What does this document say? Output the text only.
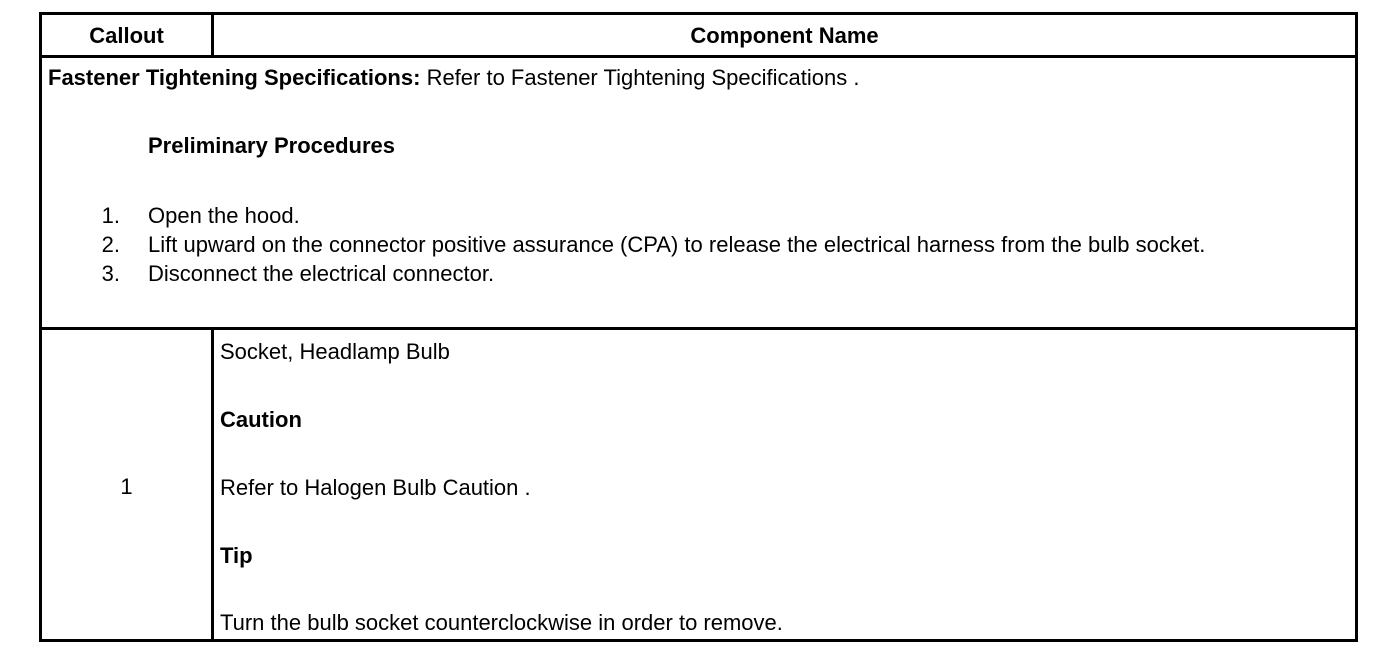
Callout	Component Name
Fastener Tightening Specifications: Refer to Fastener Tightening Specifications .
Preliminary Procedures
1. Open the hood.
2. Lift upward on the connector positive assurance (CPA) to release the electrical harness from the bulb socket.
3. Disconnect the electrical connector.
1
Socket, Headlamp Bulb
Caution
Refer to Halogen Bulb Caution .
Tip
Turn the bulb socket counterclockwise in order to remove.
